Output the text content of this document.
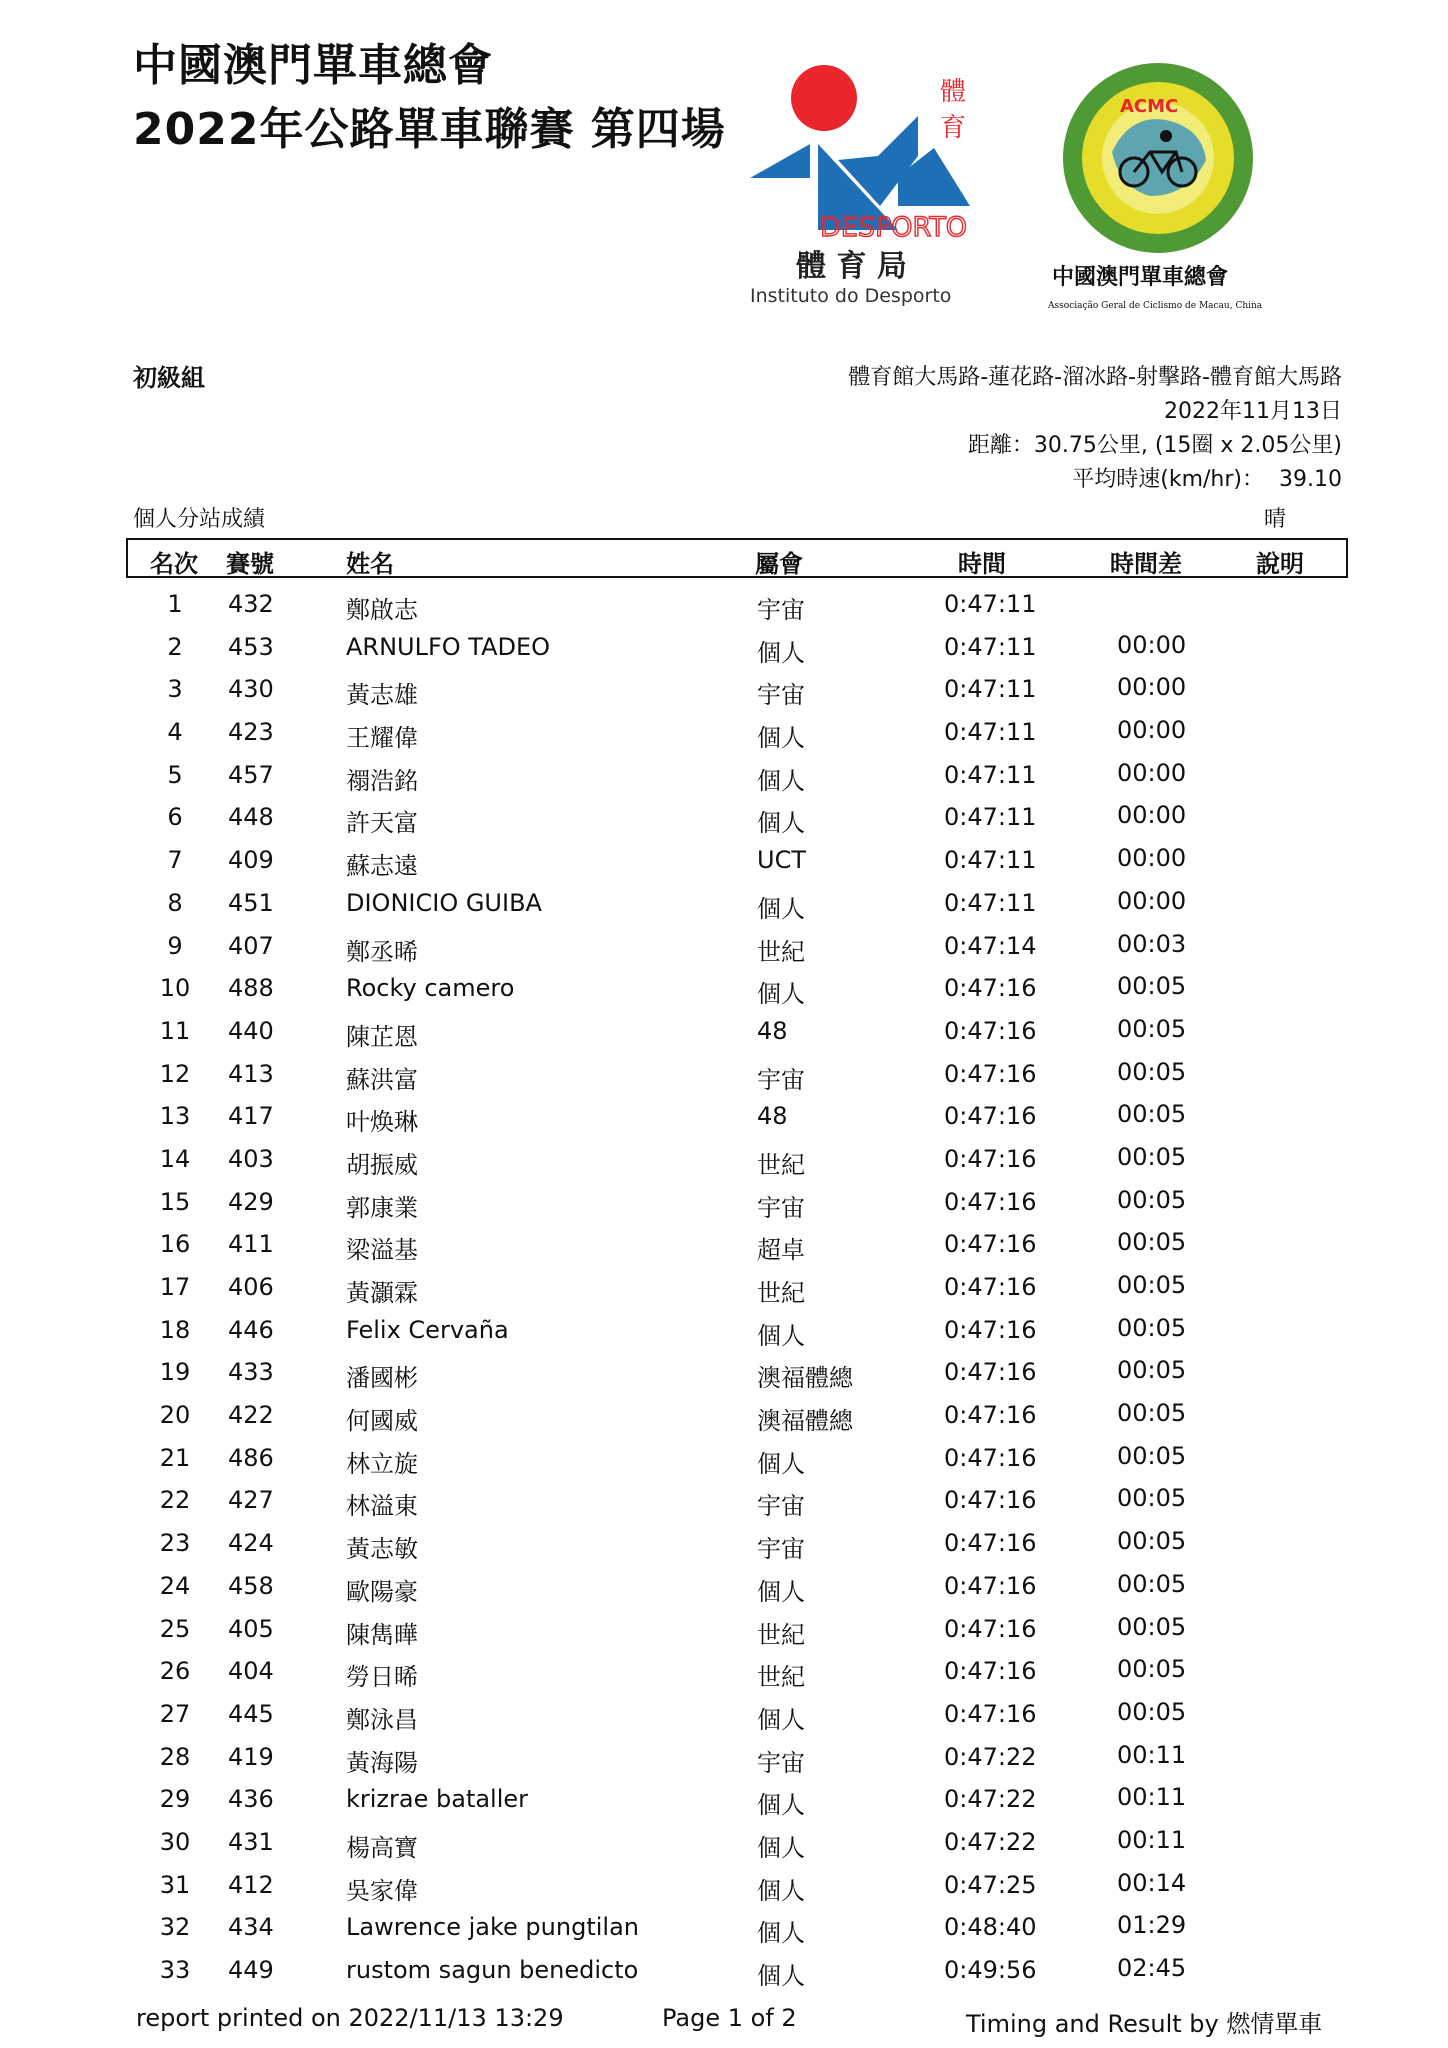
中國澳門單車總會
2022年公路單車聯賽 第四場
體
育
DESPORTO
體 育 局
Instituto do Desporto
ACMC
中國澳門單車總會
Associação Geral de Ciclismo de Macau, China
初級組	體育館大馬路-蓮花路-溜冰路-射擊路-體育館大馬路
2022年11月13日
距離：30.75公里, (15圈 x 2.05公里)
平均時速(km/hr)： 39.10
個人分站成績	晴
名次 賽號	姓名	屬會	時間	時間差	說明
1	432	鄭啟志	宇宙	0:47:11
2	453	ARNULFO TADEO	個人	0:47:11	00:00
3	430	黃志雄	宇宙	0:47:11	00:00
4	423	王耀偉	個人	0:47:11	00:00
5	457	禤浩銘	個人	0:47:11	00:00
6	448	許天富	個人	0:47:11	00:00
7	409	蘇志遠	UCT	0:47:11	00:00
8	451	DIONICIO GUIBA	個人	0:47:11	00:00
9	407	鄭丞晞	世紀	0:47:14	00:03
10	488	Rocky camero	個人	0:47:16	00:05
11	440	陳芷恩	48	0:47:16	00:05
12	413	蘇洪富	宇宙	0:47:16	00:05
13	417	叶焕琳	48	0:47:16	00:05
14	403	胡振威	世紀	0:47:16	00:05
15	429	郭康業	宇宙	0:47:16	00:05
16	411	梁溢基	超卓	0:47:16	00:05
17	406	黃灝霖	世紀	0:47:16	00:05
18	446	Felix Cervaña	個人	0:47:16	00:05
19	433	潘國彬	澳福體總	0:47:16	00:05
20	422	何國威	澳福體總	0:47:16	00:05
21	486	林立旋	個人	0:47:16	00:05
22	427	林溢東	宇宙	0:47:16	00:05
23	424	黃志敏	宇宙	0:47:16	00:05
24	458	歐陽豪	個人	0:47:16	00:05
25	405	陳雋曄	世紀	0:47:16	00:05
26	404	勞日晞	世紀	0:47:16	00:05
27	445	鄭泳昌	個人	0:47:16	00:05
28	419	黃海陽	宇宙	0:47:22	00:11
29	436	krizrae bataller	個人	0:47:22	00:11
30	431	楊高寶	個人	0:47:22	00:11
31	412	吳家偉	個人	0:47:25	00:14
32	434	Lawrence jake pungtilan	個人	0:48:40	01:29
33	449	rustom sagun benedicto	個人	0:49:56	02:45
report printed on 2022/11/13 13:29	Page 1 of 2	Timing and Result by 燃情單車
